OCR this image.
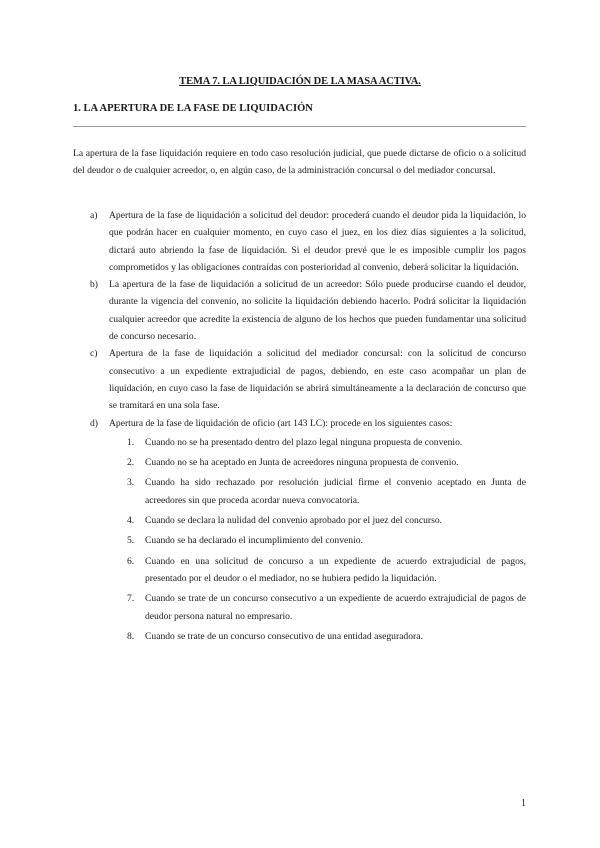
TEMA 7. LA LIQUIDACIÓN DE LA MASA ACTIVA.
1. LA APERTURA DE LA FASE DE LIQUIDACIÓN

La apertura de la fase liquidación requiere en todo caso resolución judicial, que puede dictarse de oficio o a solicitud del deudor o de cualquier acreedor, o, en algún caso, de la administración concursal o del mediador concursal.

a) Apertura de la fase de liquidación a solicitud del deudor: procederá cuando el deudor pida la liquidación, lo que podrán hacer en cualquier momento, en cuyo caso el juez, en los diez días siguientes a la solicitud, dictará auto abriendo la fase de liquidación. Si el deudor prevé que le es imposible cumplir los pagos comprometidos y las obligaciones contraídas con posterioridad al convenio, deberá solicitar la liquidación.
b) La apertura de la fase de liquidación a solicitud de un acreedor: Sólo puede producirse cuando el deudor, durante la vigencia del convenio, no solicite la liquidación debiendo hacerlo. Podrá solicitar la liquidación cualquier acreedor que acredite la existencia de alguno de los hechos que pueden fundamentar una solicitud de concurso necesario.
c) Apertura de la fase de liquidación a solicitud del mediador concursal: con la solicitud de concurso consecutivo a un expediente extrajudicial de pagos, debiendo, en este caso acompañar un plan de liquidación, en cuyo caso la fase de liquidación se abrirá simultáneamente a la declaración de concurso que se tramitará en una sola fase.
d) Apertura de la fase de liquidación de oficio (art 143 LC): procede en los siguientes casos:
1. Cuando no se ha presentado dentro del plazo legal ninguna propuesta de convenio.
2. Cuando no se ha aceptado en Junta de acreedores ninguna propuesta de convenio.
3. Cuando ha sido rechazado por resolución judicial firme el convenio aceptado en Junta de acreedores sin que proceda acordar nueva convocatoria.
4. Cuando se declara la nulidad del convenio aprobado por el juez del concurso.
5. Cuando se ha declarado el incumplimiento del convenio.
6. Cuando en una solicitud de concurso a un expediente de acuerdo extrajudicial de pagos, presentado por el deudor o el mediador, no se hubiera pedido la liquidación.
7. Cuando se trate de un concurso consecutivo a un expediente de acuerdo extrajudicial de pagos de deudor persona natural no empresario.
8. Cuando se trate de un concurso consecutivo de una entidad aseguradora.
1
